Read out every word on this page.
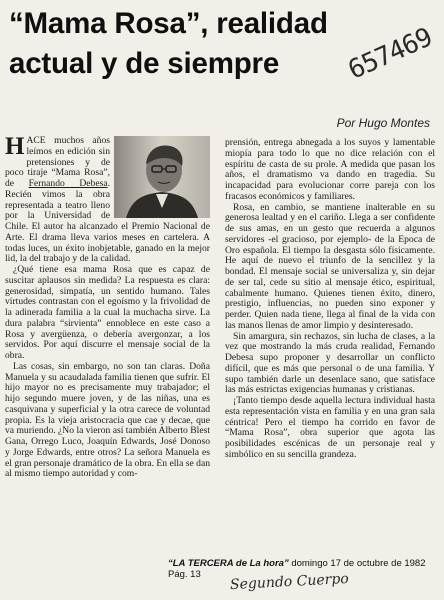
“Mama Rosa”, realidad actual y de siempre	657469
Por Hugo Montes

HACE muchos años leímos en edición sin pretensiones y de poco tiraje “Mama Rosa”, de Fernando Debesa. Recién vimos la obra representada a teatro lleno por la Universidad de Chile. El autor ha alcanzado el Premio Nacional de Arte. El drama lleva varios meses en cartelera. A todas luces, un éxito inobjetable, ganado en la mejor lid, la del trabajo y de la calidad.

¿Qué tiene esa mama Rosa que es capaz de suscitar aplausos sin medida? La respuesta es clara: generosidad, simpatía, un sentido humano. Tales virtudes contrastan con el egoísmo y la frivolidad de la adinerada familia a la cual la muchacha sirve. La dura palabra “sirvienta” ennoblece en este caso a Rosa y avergüenza, o debería avergonzar, a los servidos. Por aquí discurre el mensaje social de la obra.

Las cosas, sin embargo, no son tan claras. Doña Manuela y su acaudalada familia tienen que sufrir. El hijo mayor no es precisamente muy trabajador; el hijo segundo muere joven, y de las niñas, una es casquivana y superficial y la otra carece de voluntad propia. Es la vieja aristocracia que cae y decae, que va muriendo. ¿No la vieron así también Alberto Blest Gana, Orrego Luco, Joaquín Edwards, José Donoso y Jorge Edwards, entre otros? La señora Manuela es el gran personaje dramático de la obra. En ella se dan al mismo tiempo autoridad y com-

prensión, entrega abnegada a los suyos y lamentable miopía para todo lo que no dice relación con el espíritu de casta de su prole. A medida que pasan los años, el dramatismo va dando en tragedia. Su incapacidad para evolucionar corre pareja con los fracasos económicos y familiares.

Rosa, en cambio, se mantiene inalterable en su generosa lealtad y en el cariño. Llega a ser confidente de sus amas, en un gesto que recuerda a algunos servidores -el gracioso, por ejemplo- de la Epoca de Oro española. El tiempo la desgasta sólo físicamente. He aquí de nuevo el triunfo de la sencillez y la bondad. El mensaje social se universaliza y, sin dejar de ser tal, cede su sitio al mensaje ético, espiritual, cabalmente humano. Quienes tienen éxito, dinero, prestigio, influencias, no pueden sino exponer y perder. Quien nada tiene, llega al final de la vida con las manos llenas de amor limpio y desinteresado.

Sin amargura, sin rechazos, sin lucha de clases, a la vez que mostrando la más cruda realidad, Fernando Debesa supo proponer y desarrollar un conflicto difícil, que es más que personal o de una familia. Y supo también darle un desenlace sano, que satisface las más estrictas exigencias humanas y cristianas.

¡Tanto tiempo desde aquella lectura individual hasta esta representación vista en familia y en una gran sala céntrica! Pero el tiempo ha corrido en favor de “Mama Rosa”, obra superior que agota las posibilidades escénicas de un personaje real y simbólico en su sencilla grandeza.

“LA TERCERA de La hora” domingo 17 de octubre de 1982 Pág. 13	Segundo Cuerpo
